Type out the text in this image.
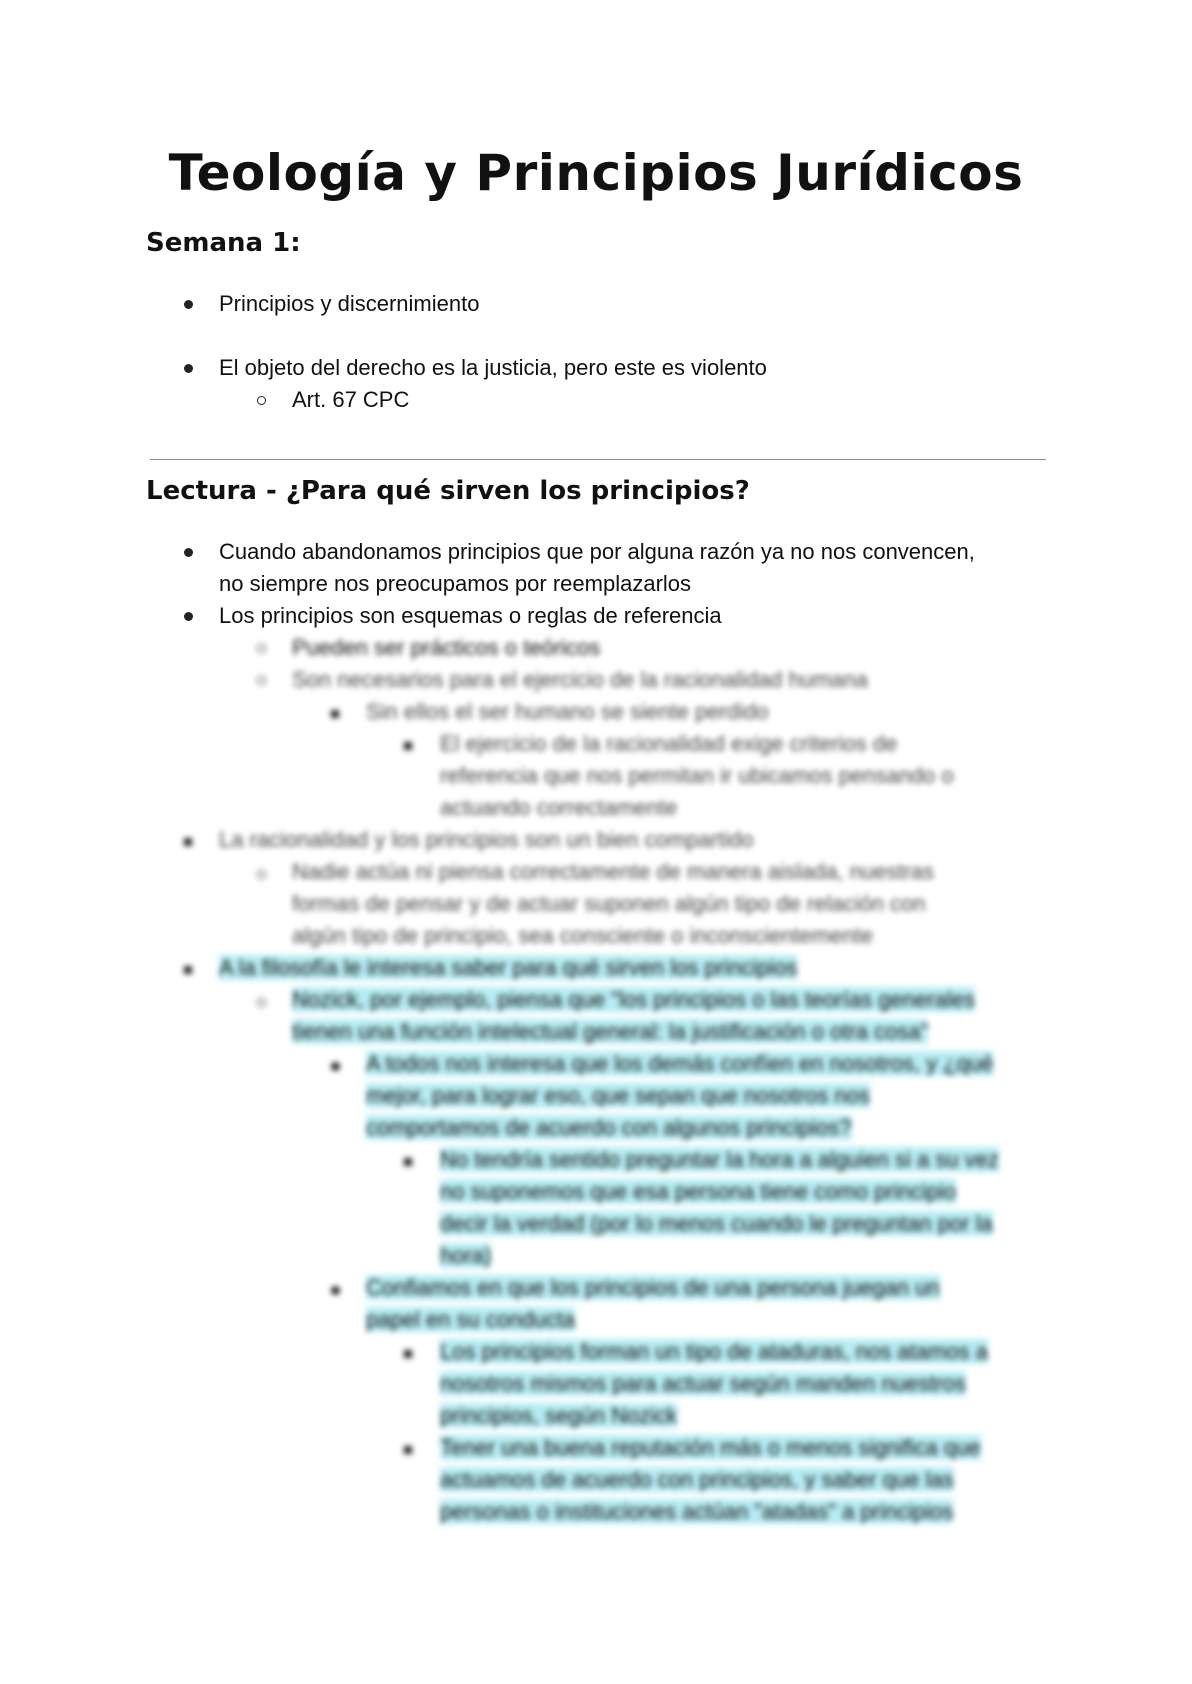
Teología y Principios Jurídicos
Semana 1:
Principios y discernimiento
El objeto del derecho es la justicia, pero este es violento
Art. 67 CPC
Lectura - ¿Para qué sirven los principios?
Cuando abandonamos principios que por alguna razón ya no nos convencen,
no siempre nos preocupamos por reemplazarlos
Los principios son esquemas o reglas de referencia
Pueden ser prácticos o teóricos
Son necesarios para el ejercicio de la racionalidad humana
Sin ellos el ser humano se siente perdido
El ejercicio de la racionalidad exige criterios de
referencia que nos permitan ir ubicamos pensando o
actuando correctamente
La racionalidad y los principios son un bien compartido
Nadie actúa ni piensa correctamente de manera aislada, nuestras
formas de pensar y de actuar suponen algún tipo de relación con
algún tipo de principio, sea consciente o inconscientemente
A la filosofía le interesa saber para qué sirven los principios
Nozick, por ejemplo, piensa que "los principios o las teorías generales
tienen una función intelectual general: la justificación o otra cosa"
A todos nos interesa que los demás confíen en nosotros, y ¿qué
mejor, para lograr eso, que sepan que nosotros nos
comportamos de acuerdo con algunos principios?
No tendría sentido preguntar la hora a alguien si a su vez
no suponemos que esa persona tiene como principio
decir la verdad (por lo menos cuando le preguntan por la
hora)
Confiamos en que los principios de una persona juegan un
papel en su conducta
Los principios forman un tipo de ataduras, nos atamos a
nosotros mismos para actuar según manden nuestros
principios, según Nozick
Tener una buena reputación más o menos significa que
actuamos de acuerdo con principios, y saber que las
personas o instituciones actúan "atadas" a principios
